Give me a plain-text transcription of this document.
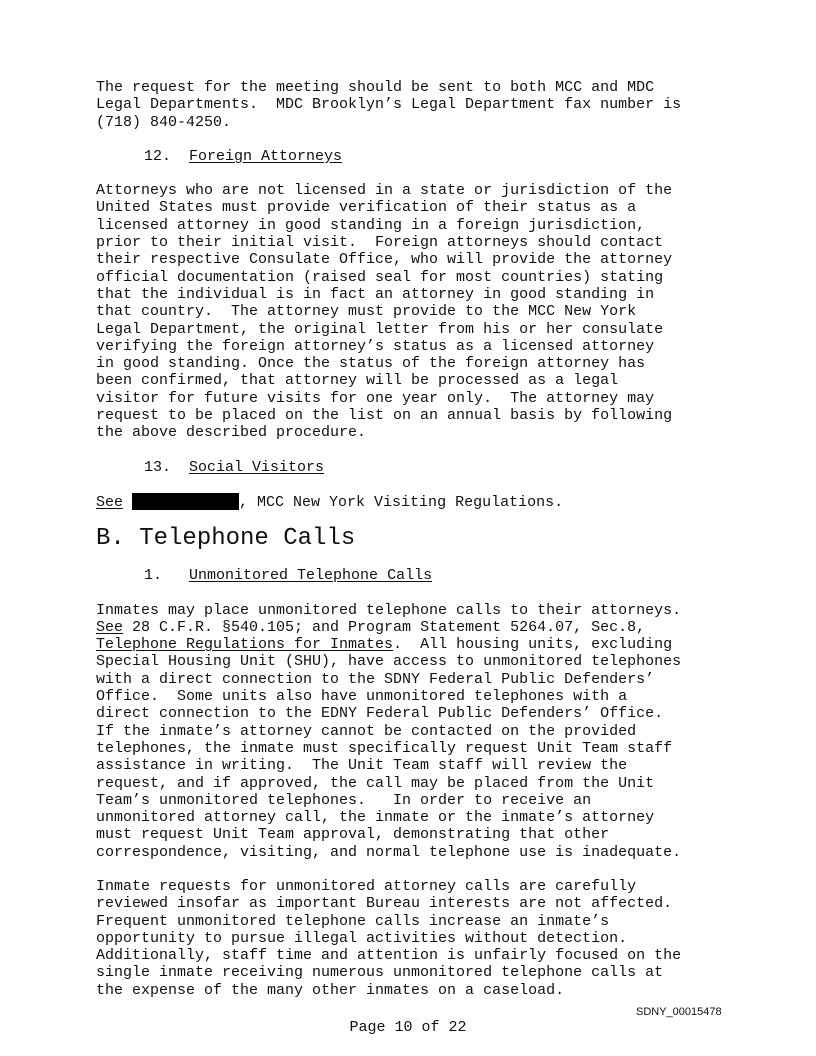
The request for the meeting should be sent to both MCC and MDC

Legal Departments.  MDC Brooklyn’s Legal Department fax number is

(718) 840-4250.

12. Foreign Attorneys

Attorneys who are not licensed in a state or jurisdiction of the

United States must provide verification of their status as a

licensed attorney in good standing in a foreign jurisdiction,

prior to their initial visit.  Foreign attorneys should contact

their respective Consulate Office, who will provide the attorney

official documentation (raised seal for most countries) stating

that the individual is in fact an attorney in good standing in

that country.  The attorney must provide to the MCC New York

Legal Department, the original letter from his or her consulate

verifying the foreign attorney’s status as a licensed attorney

in good standing. Once the status of the foreign attorney has

been confirmed, that attorney will be processed as a legal

visitor for future visits for one year only.  The attorney may

request to be placed on the list on an annual basis by following

the above described procedure.

13. Social Visitors

See	, MCC New York Visiting Regulations.

B. Telephone Calls

1. Unmonitored Telephone Calls

Inmates may place unmonitored telephone calls to their attorneys.

See 28 C.F.R. §540.105; and Program Statement 5264.07, Sec.8,

Telephone Regulations for Inmates.  All housing units, excluding

Special Housing Unit (SHU), have access to unmonitored telephones

with a direct connection to the SDNY Federal Public Defenders’

Office.  Some units also have unmonitored telephones with a

direct connection to the EDNY Federal Public Defenders’ Office.

If the inmate’s attorney cannot be contacted on the provided

telephones, the inmate must specifically request Unit Team staff

assistance in writing.  The Unit Team staff will review the

request, and if approved, the call may be placed from the Unit

Team’s unmonitored telephones.   In order to receive an

unmonitored attorney call, the inmate or the inmate’s attorney

must request Unit Team approval, demonstrating that other

correspondence, visiting, and normal telephone use is inadequate.

Inmate requests for unmonitored attorney calls are carefully

reviewed insofar as important Bureau interests are not affected.

Frequent unmonitored telephone calls increase an inmate’s

opportunity to pursue illegal activities without detection.

Additionally, staff time and attention is unfairly focused on the

single inmate receiving numerous unmonitored telephone calls at

the expense of the many other inmates on a caseload.

SDNY_00015478
Page 10 of 22
